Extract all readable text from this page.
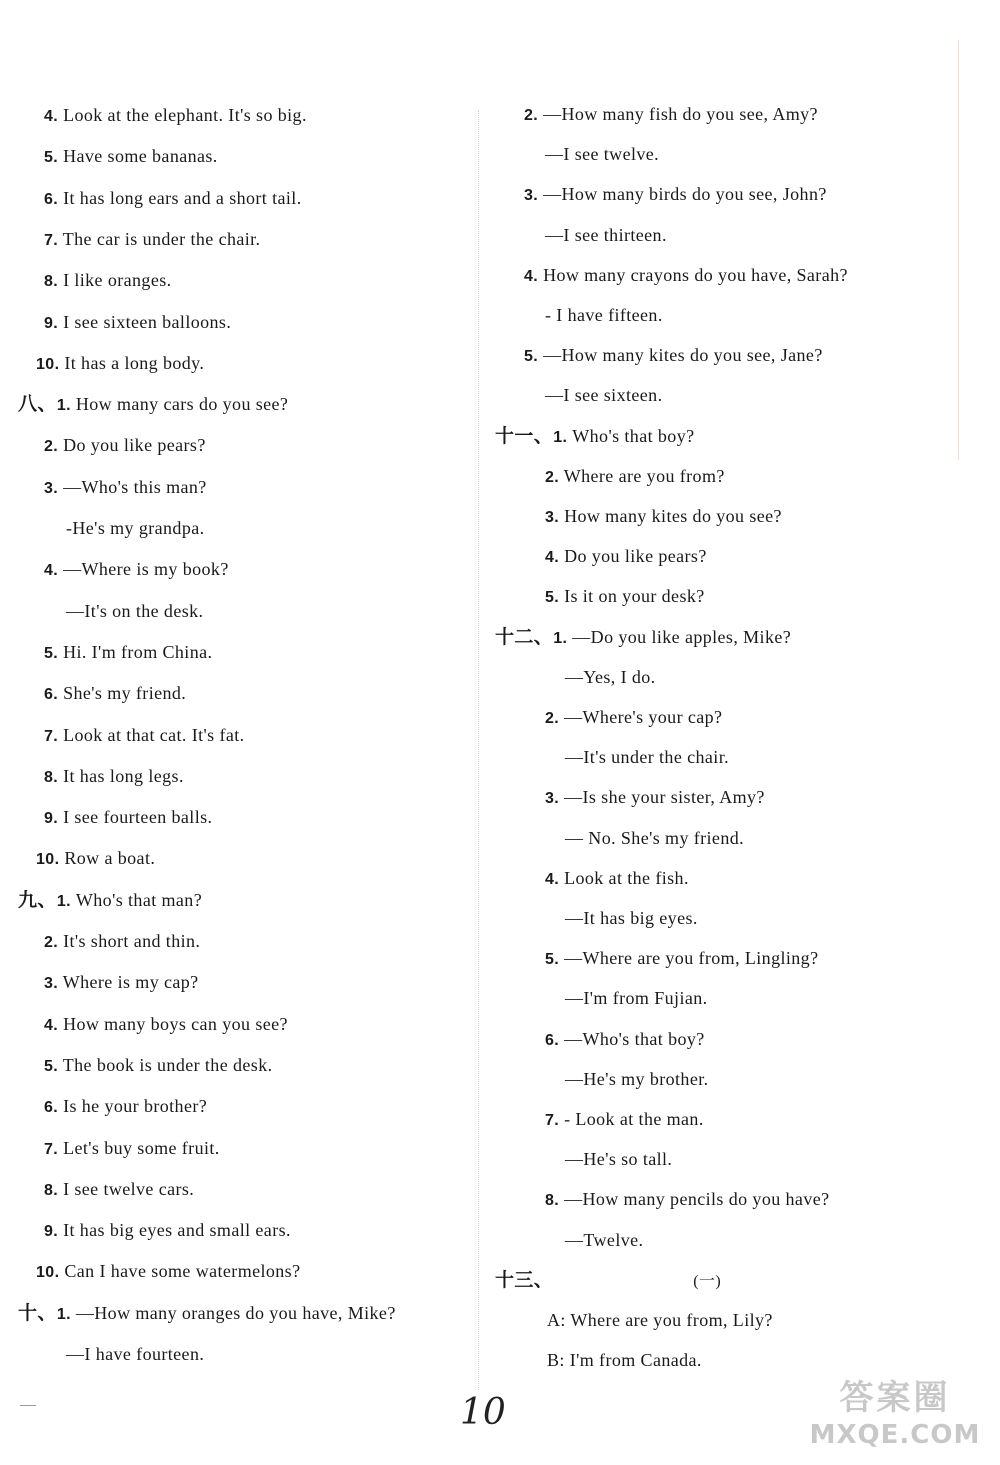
4. Look at the elephant. It's so big.
5. Have some bananas.
6. It has long ears and a short tail.
7. The car is under the chair.
8. I like oranges.
9. I see sixteen balloons.
10. It has a long body.
八、1. How many cars do you see?
2. Do you like pears?
3. —Who's this man?
-He's my grandpa.
4. —Where is my book?
—It's on the desk.
5. Hi. I'm from China.
6. She's my friend.
7. Look at that cat. It's fat.
8. It has long legs.
9. I see fourteen balls.
10. Row a boat.
九、1. Who's that man?
2. It's short and thin.
3. Where is my cap?
4. How many boys can you see?
5. The book is under the desk.
6. Is he your brother?
7. Let's buy some fruit.
8. I see twelve cars.
9. It has big eyes and small ears.
10. Can I have some watermelons?
十、1. —How many oranges do you have, Mike?
—I have fourteen.
2. —How many fish do you see, Amy?
—I see twelve.
3. —How many birds do you see, John?
—I see thirteen.
4. How many crayons do you have, Sarah?
- I have fifteen.
5. —How many kites do you see, Jane?
—I see sixteen.
十一、1. Who's that boy?
2. Where are you from?
3. How many kites do you see?
4. Do you like pears?
5. Is it on your desk?
十二、1. —Do you like apples, Mike?
—Yes, I do.
2. —Where's your cap?
—It's under the chair.
3. —Is she your sister, Amy?
— No. She's my friend.
4. Look at the fish.
—It has big eyes.
5. —Where are you from, Lingling?
—I'm from Fujian.
6. —Who's that boy?
—He's my brother.
7. - Look at the man.
—He's so tall.
8. —How many pencils do you have?
—Twelve.
十三、	(一)
A: Where are you from, Lily?
B: I'm from Canada.
10	答案圈
MXQE.COM
